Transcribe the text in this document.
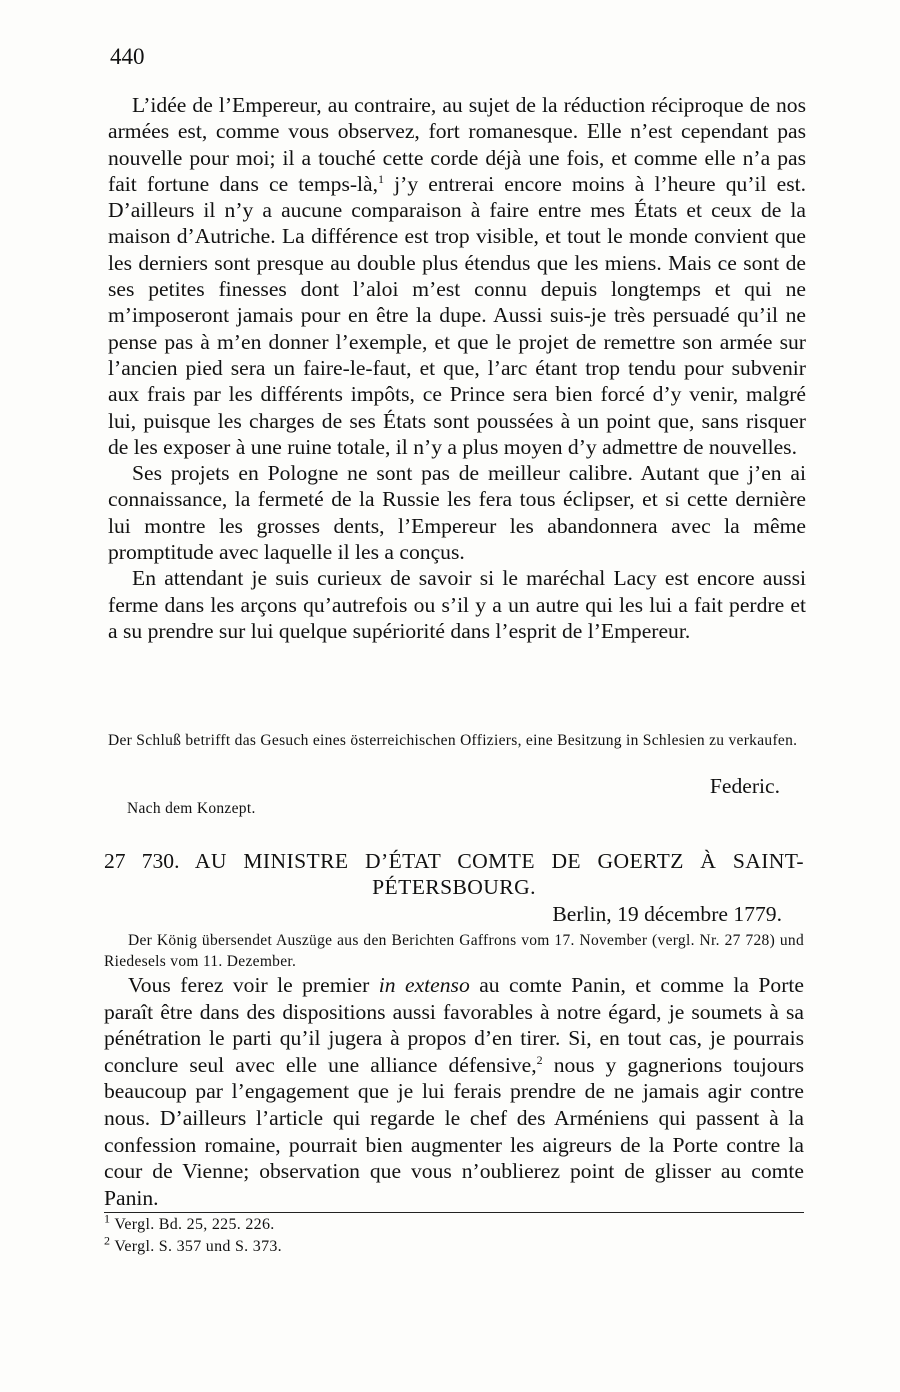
440

L’idée de l’Empereur, au contraire, au sujet de la réduction réciproque de nos armées est, comme vous observez, fort romanesque. Elle n’est cependant pas nouvelle pour moi; il a touché cette corde déjà une fois, et comme elle n’a pas fait fortune dans ce temps-là,$^1$ j’y entrerai encore moins à l’heure qu’il est. D’ailleurs il n’y a aucune comparaison à faire entre mes États et ceux de la maison d’Autriche. La différence est trop visible, et tout le monde convient que les derniers sont presque au double plus étendus que les miens. Mais ce sont de ses petites finesses dont l’aloi m’est connu depuis longtemps et qui ne m’imposeront jamais pour en être la dupe. Aussi suis-je très persuadé qu’il ne pense pas à m’en donner l’exemple, et que le projet de remettre son armée sur l’ancien pied sera un faire-le-faut, et que, l’arc étant trop tendu pour subvenir aux frais par les différents impôts, ce Prince sera bien forcé d’y venir, malgré lui, puisque les charges de ses États sont poussées à un point que, sans risquer de les exposer à une ruine totale, il n’y a plus moyen d’y admettre de nouvelles.

Ses projets en Pologne ne sont pas de meilleur calibre. Autant que j’en ai connaissance, la fermeté de la Russie les fera tous éclipser, et si cette dernière lui montre les grosses dents, l’Empereur les abandonnera avec la même promptitude avec laquelle il les a conçus.

En attendant je suis curieux de savoir si le maréchal Lacy est encore aussi ferme dans les arçons qu’autrefois ou s’il y a un autre qui les lui a fait perdre et a su prendre sur lui quelque supériorité dans l’esprit de l’Empereur.

Der Schluß betrifft das Gesuch eines österreichischen Offiziers, eine Besitzung in Schlesien zu verkaufen.
Federic.
Nach dem Konzept.
27 730. AU MINISTRE D’ÉTAT COMTE DE GOERTZ À SAINT-PÉTERSBOURG.
Berlin, 19 décembre 1779.

Der König übersendet Auszüge aus den Berichten Gaffrons vom 17. November (vergl. Nr. 27 728) und Riedesels vom 11. Dezember.

Vous ferez voir le premier in extenso au comte Panin, et comme la Porte paraît être dans des dispositions aussi favorables à notre égard, je soumets à sa pénétration le parti qu’il jugera à propos d’en tirer. Si, en tout cas, je pourrais conclure seul avec elle une alliance défensive,$^2$ nous y gagnerions toujours beaucoup par l’engagement que je lui ferais prendre de ne jamais agir contre nous. D’ailleurs l’article qui regarde le chef des Arméniens qui passent à la confession romaine, pourrait bien augmenter les aigreurs de la Porte contre la cour de Vienne; observation que vous n’oublierez point de glisser au comte Panin.

$^1$ Vergl. Bd. 25, 225. 226.
$^2$ Vergl. S. 357 und S. 373.
